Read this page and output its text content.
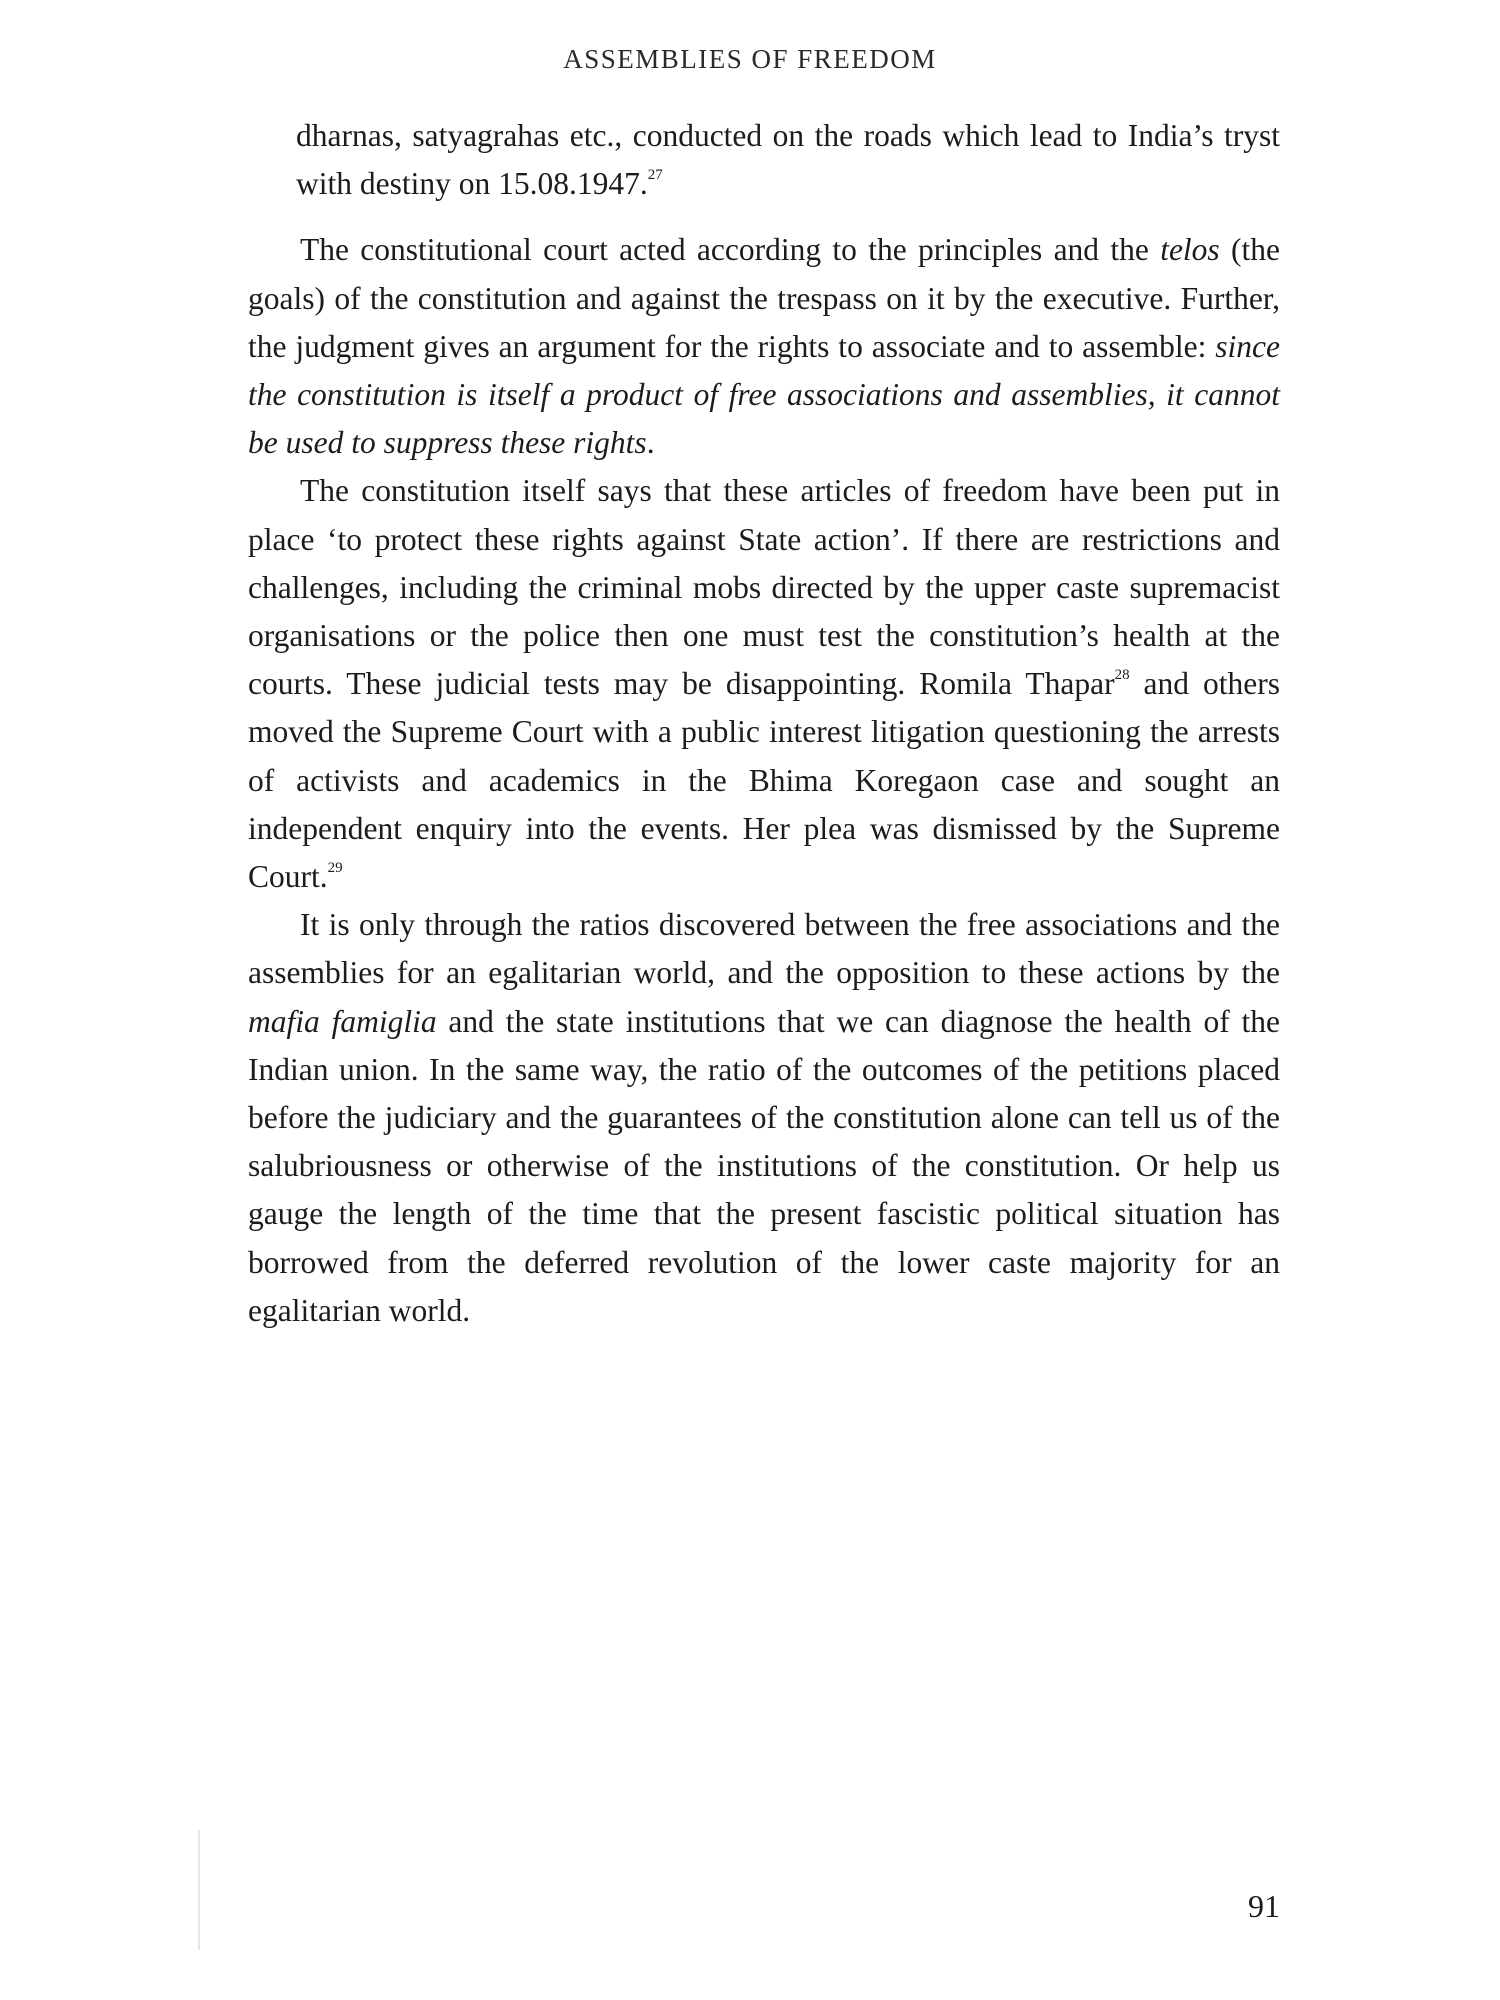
ASSEMBLIES OF FREEDOM

dharnas, satyagrahas etc., conducted on the roads which lead to India’s tryst with destiny on 15.08.1947.27

The constitutional court acted according to the principles and the telos (the goals) of the constitution and against the trespass on it by the executive. Further, the judgment gives an argument for the rights to associate and to assemble: since the constitution is itself a product of free associations and assemblies, it cannot be used to suppress these rights.

The constitution itself says that these articles of freedom have been put in place ‘to protect these rights against State action’. If there are restrictions and challenges, including the criminal mobs directed by the upper caste supremacist organisations or the police then one must test the constitution’s health at the courts. These judicial tests may be disappointing. Romila Thapar$^{28}$ and others moved the Supreme Court with a public interest litigation questioning the arrests of activists and academics in the Bhima Koregaon case and sought an independent enquiry into the events. Her plea was dismissed by the Supreme Court.$^{29}$

It is only through the ratios discovered between the free associations and the assemblies for an egalitarian world, and the opposition to these actions by the mafia famiglia and the state institutions that we can diagnose the health of the Indian union. In the same way, the ratio of the outcomes of the petitions placed before the judiciary and the guarantees of the constitution alone can tell us of the salubriousness or otherwise of the institutions of the constitution. Or help us gauge the length of the time that the present fascistic political situation has borrowed from the deferred revolution of the lower caste majority for an egalitarian world.

91
